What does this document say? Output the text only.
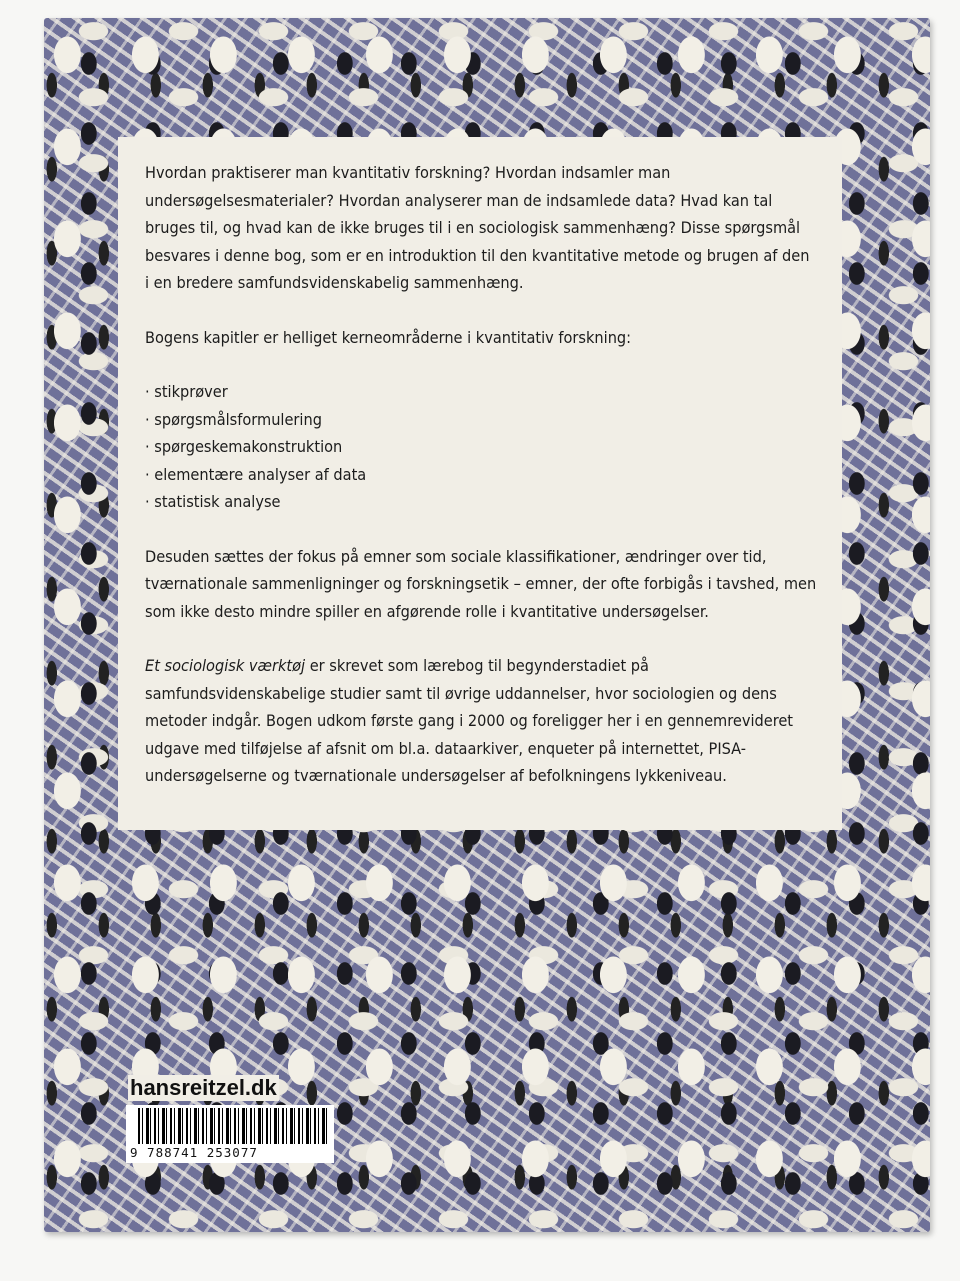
Hvordan praktiserer man kvantitativ forskning? Hvordan indsamler man undersøgelsesmaterialer? Hvordan analyserer man de indsamlede data? Hvad kan tal bruges til, og hvad kan de ikke bruges til i en sociologisk sammenhæng? Disse spørgsmål besvares i denne bog, som er en introduktion til den kvantitative metode og brugen af den i en bredere samfundsvidenskabelig sammenhæng.

Bogens kapitler er helliget kerneområderne i kvantitativ forskning:

· stikprøver
· spørgsmålsformulering
· spørgeskemakonstruktion
· elementære analyser af data
· statistisk analyse

Desuden sættes der fokus på emner som sociale klassifikationer, ændringer over tid, tværnationale sammenligninger og forskningsetik – emner, der ofte forbigås i tavshed, men som ikke desto mindre spiller en afgørende rolle i kvantitative undersøgelser.

Et sociologisk værktøj er skrevet som lærebog til begynderstadiet på samfundsvidenskabelige studier samt til øvrige uddannelser, hvor sociologien og dens metoder indgår. Bogen udkom første gang i 2000 og foreligger her i en gennemrevideret udgave med tilføjelse af afsnit om bl.a. dataarkiver, enqueter på internettet, PISA-undersøgelserne og tværnationale undersøgelser af befolkningens lykkeniveau.

hansreitzel.dk
9 788741 253077
